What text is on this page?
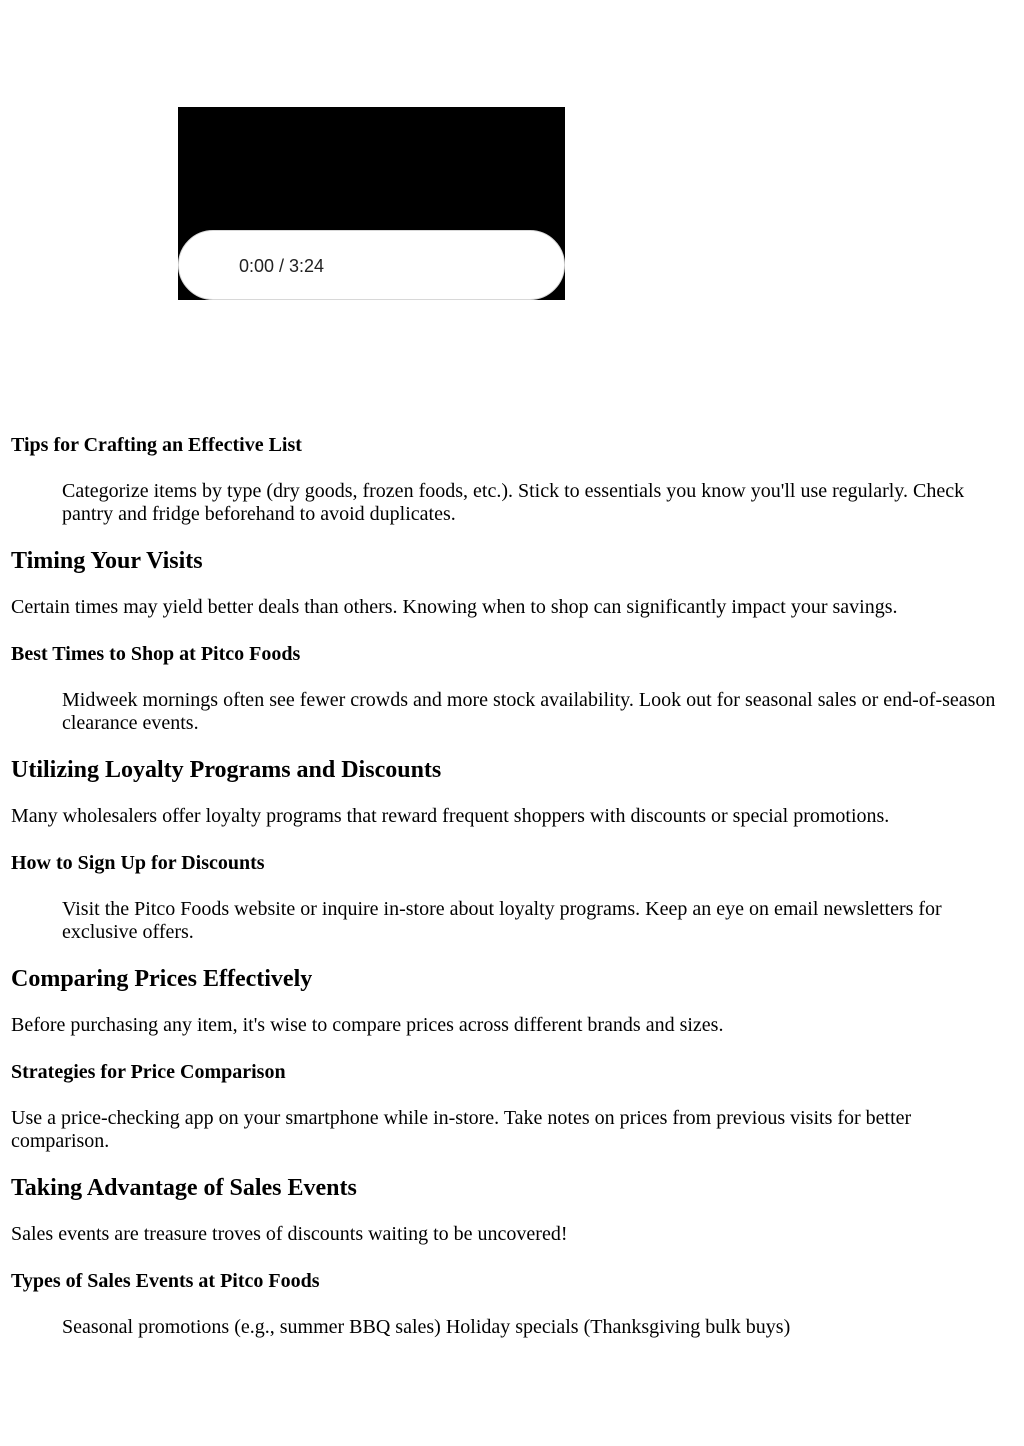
0:00 / 3:24
Tips for Crafting an Effective List
Categorize items by type (dry goods, frozen foods, etc.). Stick to essentials you know you'll use regularly. Check pantry and fridge beforehand to avoid duplicates.
Timing Your Visits

Certain times may yield better deals than others. Knowing when to shop can significantly impact your savings.

Best Times to Shop at Pitco Foods
Midweek mornings often see fewer crowds and more stock availability. Look out for seasonal sales or end-of-season clearance events.
Utilizing Loyalty Programs and Discounts

Many wholesalers offer loyalty programs that reward frequent shoppers with discounts or special promotions.

How to Sign Up for Discounts
Visit the Pitco Foods website or inquire in-store about loyalty programs. Keep an eye on email newsletters for exclusive offers.
Comparing Prices Effectively

Before purchasing any item, it's wise to compare prices across different brands and sizes.

Strategies for Price Comparison

Use a price-checking app on your smartphone while in-store. Take notes on prices from previous visits for better comparison.

Taking Advantage of Sales Events

Sales events are treasure troves of discounts waiting to be uncovered!

Types of Sales Events at Pitco Foods
Seasonal promotions (e.g., summer BBQ sales) Holiday specials (Thanksgiving bulk buys)
